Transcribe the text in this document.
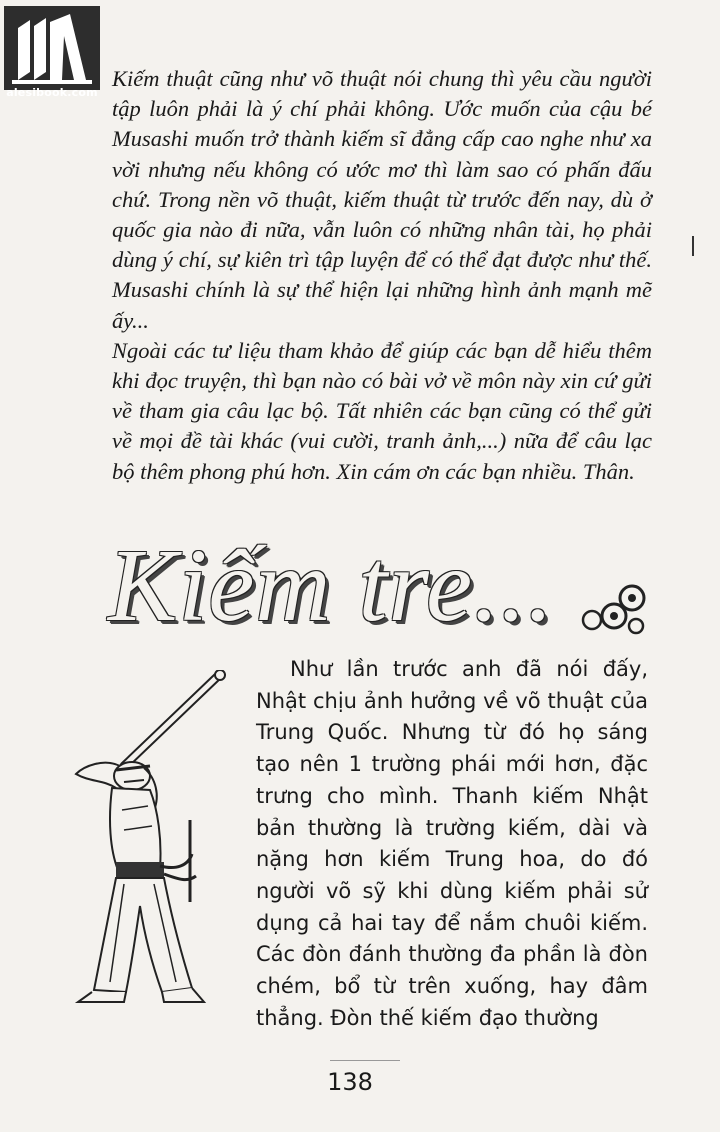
alesibook.com

Kiếm thuật cũng như võ thuật nói chung thì yêu cầu người tập luôn phải là ý chí phải không. Ước muốn của cậu bé Musashi muốn trở thành kiếm sĩ đẳng cấp cao nghe như xa vời nhưng nếu không có ước mơ thì làm sao có phấn đấu chứ. Trong nền võ thuật, kiếm thuật từ trước đến nay, dù ở quốc gia nào đi nữa, vẫn luôn có những nhân tài, họ phải dùng ý chí, sự kiên trì tập luyện để có thể đạt được như thế. Musashi chính là sự thể hiện lại những hình ảnh mạnh mẽ ấy...

Ngoài các tư liệu tham khảo để giúp các bạn dễ hiểu thêm khi đọc truyện, thì bạn nào có bài vở về môn này xin cứ gửi về tham gia câu lạc bộ. Tất nhiên các bạn cũng có thể gửi về mọi đề tài khác (vui cười, tranh ảnh,...) nữa để câu lạc bộ thêm phong phú hơn. Xin cám ơn các bạn nhiều. Thân.

Kiếm tre...

Như lần trước anh đã nói đấy, Nhật chịu ảnh hưởng về võ thuật của Trung Quốc. Nhưng từ đó họ sáng tạo nên 1 trường phái mới hơn, đặc trưng cho mình. Thanh kiếm Nhật bản thường là trường kiếm, dài và nặng hơn kiếm Trung hoa, do đó người võ sỹ khi dùng kiếm phải sử dụng cả hai tay để nắm chuôi kiếm. Các đòn đánh thường đa phần là đòn chém, bổ từ trên xuống, hay đâm thẳng. Đòn thế kiếm đạo thường

138
